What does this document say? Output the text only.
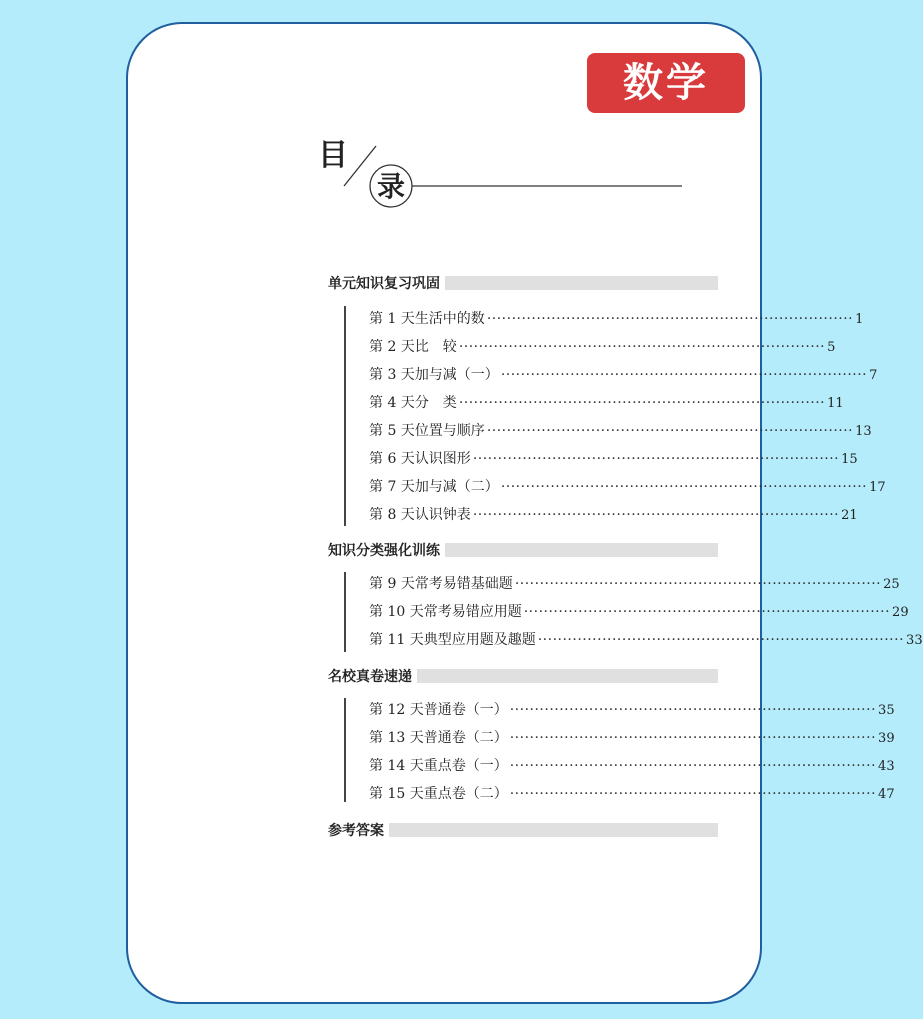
数学
目
录
单元知识复习巩固
第 1 天 生活中的数 ·········································································· 1
第 2 天 比　较 ·········································································· 5
第 3 天 加与减（一） ·········································································· 7
第 4 天 分　类 ·········································································· 11
第 5 天 位置与顺序 ·········································································· 13
第 6 天 认识图形 ·········································································· 15
第 7 天 加与减（二） ·········································································· 17
第 8 天 认识钟表 ·········································································· 21
知识分类强化训练
第 9 天 常考易错基础题 ·········································································· 25
第 10 天 常考易错应用题 ·········································································· 29
第 11 天 典型应用题及趣题 ·········································································· 33
名校真卷速递
第 12 天 普通卷（一） ·········································································· 35
第 13 天 普通卷（二） ·········································································· 39
第 14 天 重点卷（一） ·········································································· 43
第 15 天 重点卷（二） ·········································································· 47
参考答案
